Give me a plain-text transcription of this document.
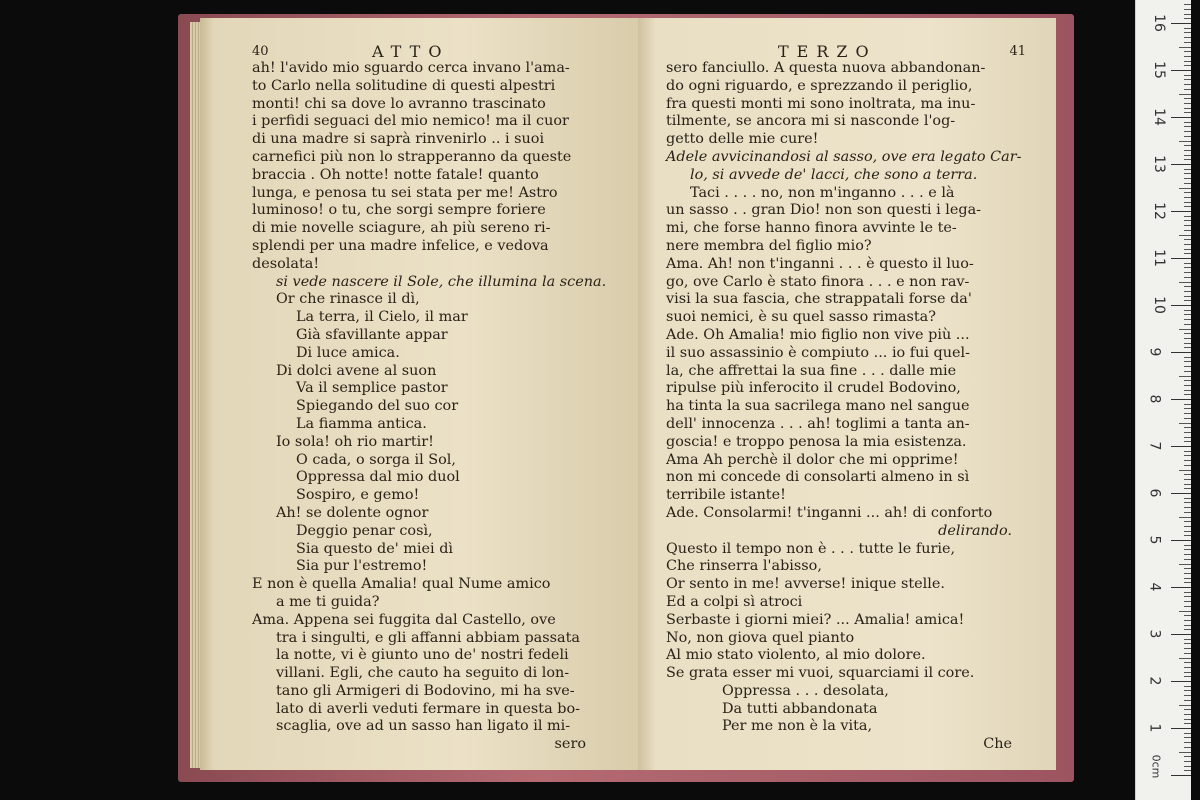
40	ATTO
ah! l'avido mio sguardo cerca invano l'ama-
to Carlo nella solitudine di questi alpestri
monti! chi sa dove lo avranno trascinato
i perfidi seguaci del mio nemico! ma il cuor
di una madre si saprà rinvenirlo .. i suoi
carnefici più non lo strapperanno da queste
braccia . Oh notte! notte fatale! quanto
lunga, e penosa tu sei stata per me! Astro
luminoso! o tu, che sorgi sempre foriere
di mie novelle sciagure, ah più sereno ri-
splendi per una madre infelice, e vedova
desolata!
si vede nascere il Sole, che illumina la scena.
Or che rinasce il dì,
La terra, il Cielo, il mar
Già sfavillante appar
Di luce amica.
Di dolci avene al suon
Va il semplice pastor
Spiegando del suo cor
La fiamma antica.
Io sola! oh rio martir!
O cada, o sorga il Sol,
Oppressa dal mio duol
Sospiro, e gemo!
Ah! se dolente ognor
Deggio penar così,
Sia questo de' miei dì
Sia pur l'estremo!
E non è quella Amalia! qual Nume amico
a me ti guida?
Ama. Appena sei fuggita dal Castello, ove
tra i singulti, e gli affanni abbiam passata
la notte, vi è giunto uno de' nostri fedeli
villani. Egli, che cauto ha seguito di lon-
tano gli Armigeri di Bodovino, mi ha sve-
lato di averli veduti fermare in questa bo-
scaglia, ove ad un sasso han ligato il mi-
sero
TERZO	41
sero fanciullo. A questa nuova abbandonan-
do ogni riguardo, e sprezzando il periglio,
fra questi monti mi sono inoltrata, ma inu-
tilmente, se ancora mi si nasconde l'og-
getto delle mie cure!
Adele avvicinandosi al sasso, ove era legato Car-
lo, si avvede de' lacci, che sono a terra.
Taci . . . . no, non m'inganno . . . e là
un sasso . . gran Dio! non son questi i lega-
mi, che forse hanno finora avvinte le te-
nere membra del figlio mio?
Ama. Ah! non t'inganni . . . è questo il luo-
go, ove Carlo è stato finora . . . e non rav-
visi la sua fascia, che strappatali forse da'
suoi nemici, è su quel sasso rimasta?
Ade. Oh Amalia! mio figlio non vive più ...
il suo assassinio è compiuto ... io fui quel-
la, che affrettai la sua fine . . . dalle mie
ripulse più inferocito il crudel Bodovino,
ha tinta la sua sacrilega mano nel sangue
dell' innocenza . . . ah! toglimi a tanta an-
goscia! e troppo penosa la mia esistenza.
Ama Ah perchè il dolor che mi opprime!
non mi concede di consolarti almeno in sì
terribile istante!
Ade. Consolarmi! t'inganni ... ah! di conforto
delirando.
Questo il tempo non è . . . tutte le furie,
Che rinserra l'abisso,
Or sento in me! avverse! inique stelle.
Ed a colpi sì atroci
Serbaste i giorni miei? ... Amalia! amica!
No, non giova quel pianto
Al mio stato violento, al mio dolore.
Se grata esser mi vuoi, squarciami il core.
Oppressa . . . desolata,
Da tutti abbandonata
Per me non è la vita,
Che
0cm
1
2
3
4
5
6
7
8
9
10
11
12
13
14
15
16
